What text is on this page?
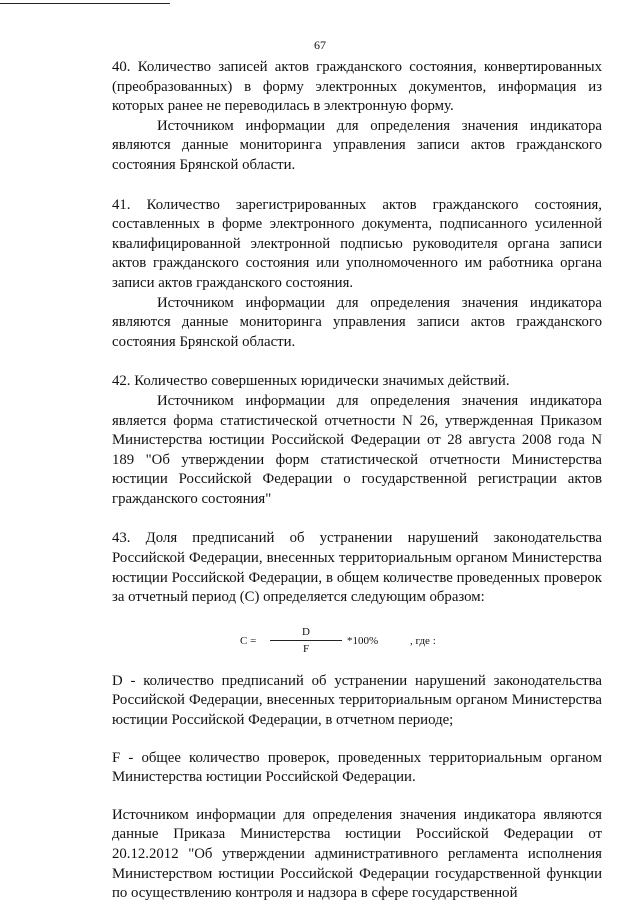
67

40. Количество записей актов гражданского состояния, конвертированных (преобразованных) в форму электронных документов, информация из которых ранее не переводилась в электронную форму.

Источником информации для определения значения индикатора являются данные мониторинга управления записи актов гражданского состояния Брянской области.

41. Количество зарегистрированных актов гражданского состояния, составленных в форме электронного документа, подписанного усиленной квалифицированной электронной подписью руководителя органа записи актов гражданского состояния или уполномоченного им работника органа записи актов гражданского состояния.

Источником информации для определения значения индикатора являются данные мониторинга управления записи актов гражданского состояния Брянской области.

42. Количество совершенных юридически значимых действий.

Источником информации для определения значения индикатора является форма статистической отчетности N 26, утвержденная Приказом Министерства юстиции Российской Федерации от 28 августа 2008 года N 189 "Об утверждении форм статистической отчетности Министерства юстиции Российской Федерации о государственной регистрации актов гражданского состояния"

43. Доля предписаний об устранении нарушений законодательства Российской Федерации, внесенных территориальным органом Министерства юстиции Российской Федерации, в общем количестве проведенных проверок за отчетный период (С) определяется следующим образом:

С =
D
F
*100%	, где :

D - количество предписаний об устранении нарушений законодательства Российской Федерации, внесенных территориальным органом Министерства юстиции Российской Федерации, в отчетном периоде;

F - общее количество проверок, проведенных территориальным органом Министерства юстиции Российской Федерации.

Источником информации для определения значения индикатора являются данные Приказа Министерства юстиции Российской Федерации от 20.12.2012 "Об утверждении административного регламента исполнения Министерством юстиции Российской Федерации государственной функции по осуществлению контроля и надзора в сфере государственной
